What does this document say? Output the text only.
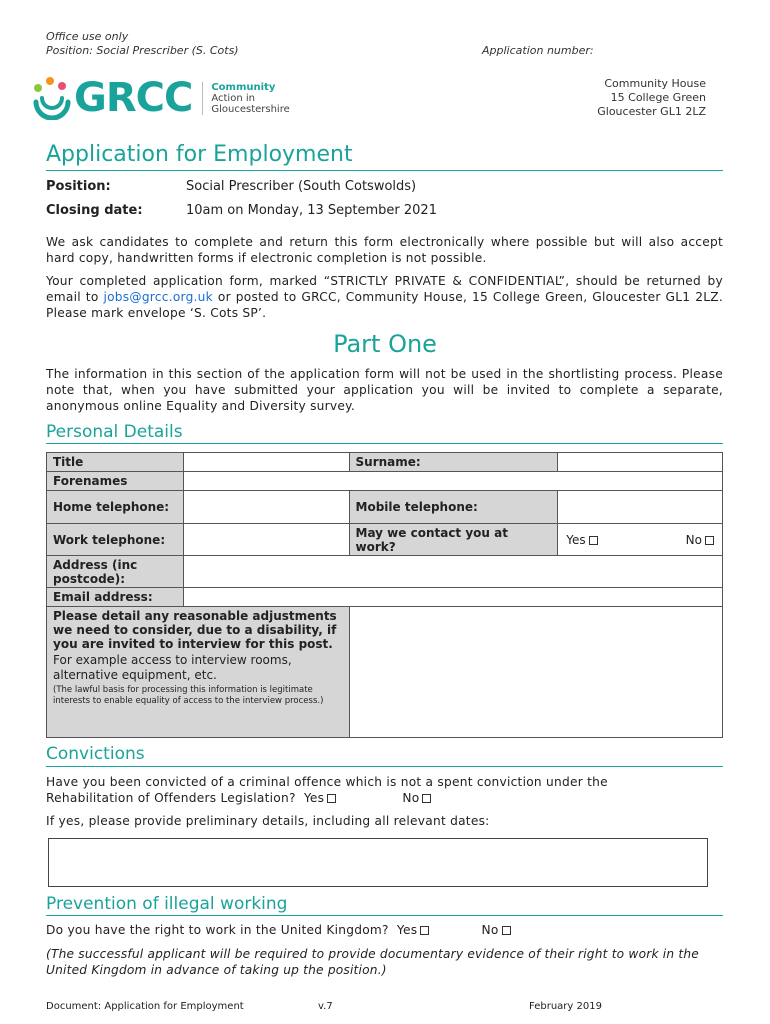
Office use only
Position: Social Prescriber (S. Cots)	Application number:
GRCC Community
Action in
Gloucestershire
Community House
15 College Green
Gloucester GL1 2LZ
Application for Employment
Position:	Social Prescriber (South Cotswolds)
Closing date:	10am on Monday, 13 September 2021
We ask candidates to complete and return this form electronically where possible but will also accept hard copy, handwritten forms if electronic completion is not possible.
Your completed application form, marked “STRICTLY PRIVATE & CONFIDENTIAL”, should be returned by email to jobs@grcc.org.uk or posted to GRCC, Community House, 15 College Green, Gloucester GL1 2LZ. Please mark envelope ‘S. Cots SP’.
Part One
The information in this section of the application form will not be used in the shortlisting process. Please note that, when you have submitted your application you will be invited to complete a separate, anonymous online Equality and Diversity survey.
Personal Details
Title		Surname:	
Forenames			
Home telephone:		Mobile telephone:	
Work telephone:		May we contact you at work?	Yes No

Address (inc postcode):			
Email address:			
Please detail any reasonable adjustments we need to consider, due to a disability, if you are invited to interview for this post.
For example access to interview rooms, alternative equipment, etc.
(The lawful basis for processing this information is legitimate interests to enable equality of access to the interview process.)			

Convictions
Have you been convicted of a criminal offence which is not a spent conviction under the Rehabilitation of Offenders Legislation? Yes	No
If yes, please provide preliminary details, including all relevant dates:
Prevention of illegal working
Do you have the right to work in the United Kingdom? Yes	No
(The successful applicant will be required to provide documentary evidence of their right to work in the United Kingdom in advance of taking up the position.)
Document: Application for Employment	v.7	February 2019
